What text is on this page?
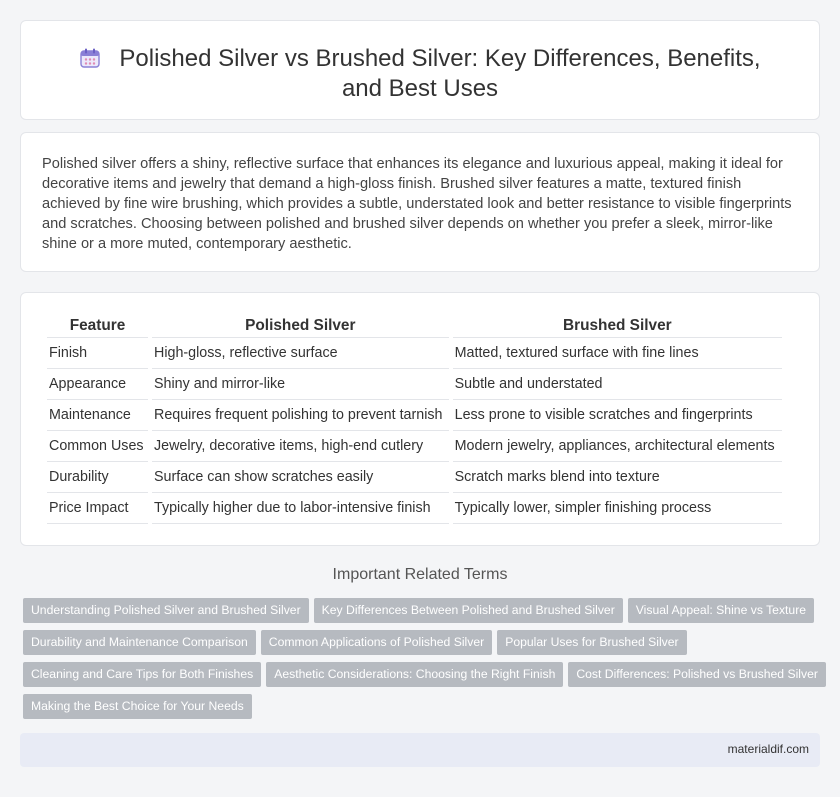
Polished Silver vs Brushed Silver: Key Differences, Benefits, and Best Uses

Polished silver offers a shiny, reflective surface that enhances its elegance and luxurious appeal, making it ideal for decorative items and jewelry that demand a high-gloss finish. Brushed silver features a matte, textured finish achieved by fine wire brushing, which provides a subtle, understated look and better resistance to visible fingerprints and scratches. Choosing between polished and brushed silver depends on whether you prefer a sleek, mirror-like shine or a more muted, contemporary aesthetic.

Feature	Polished Silver	Brushed Silver
Finish	High-gloss, reflective surface	Matted, textured surface with fine lines
Appearance	Shiny and mirror-like	Subtle and understated
Maintenance	Requires frequent polishing to prevent tarnish	Less prone to visible scratches and fingerprints
Common Uses	Jewelry, decorative items, high-end cutlery	Modern jewelry, appliances, architectural elements
Durability	Surface can show scratches easily	Scratch marks blend into texture
Price Impact	Typically higher due to labor-intensive finish	Typically lower, simpler finishing process
Important Related Terms
Understanding Polished Silver and Brushed Silver Key Differences Between Polished and Brushed Silver Visual Appeal: Shine vs Texture
Durability and Maintenance Comparison Common Applications of Polished Silver Popular Uses for Brushed Silver
Cleaning and Care Tips for Both Finishes Aesthetic Considerations: Choosing the Right Finish Cost Differences: Polished vs Brushed Silver
Making the Best Choice for Your Needs
materialdif.com
